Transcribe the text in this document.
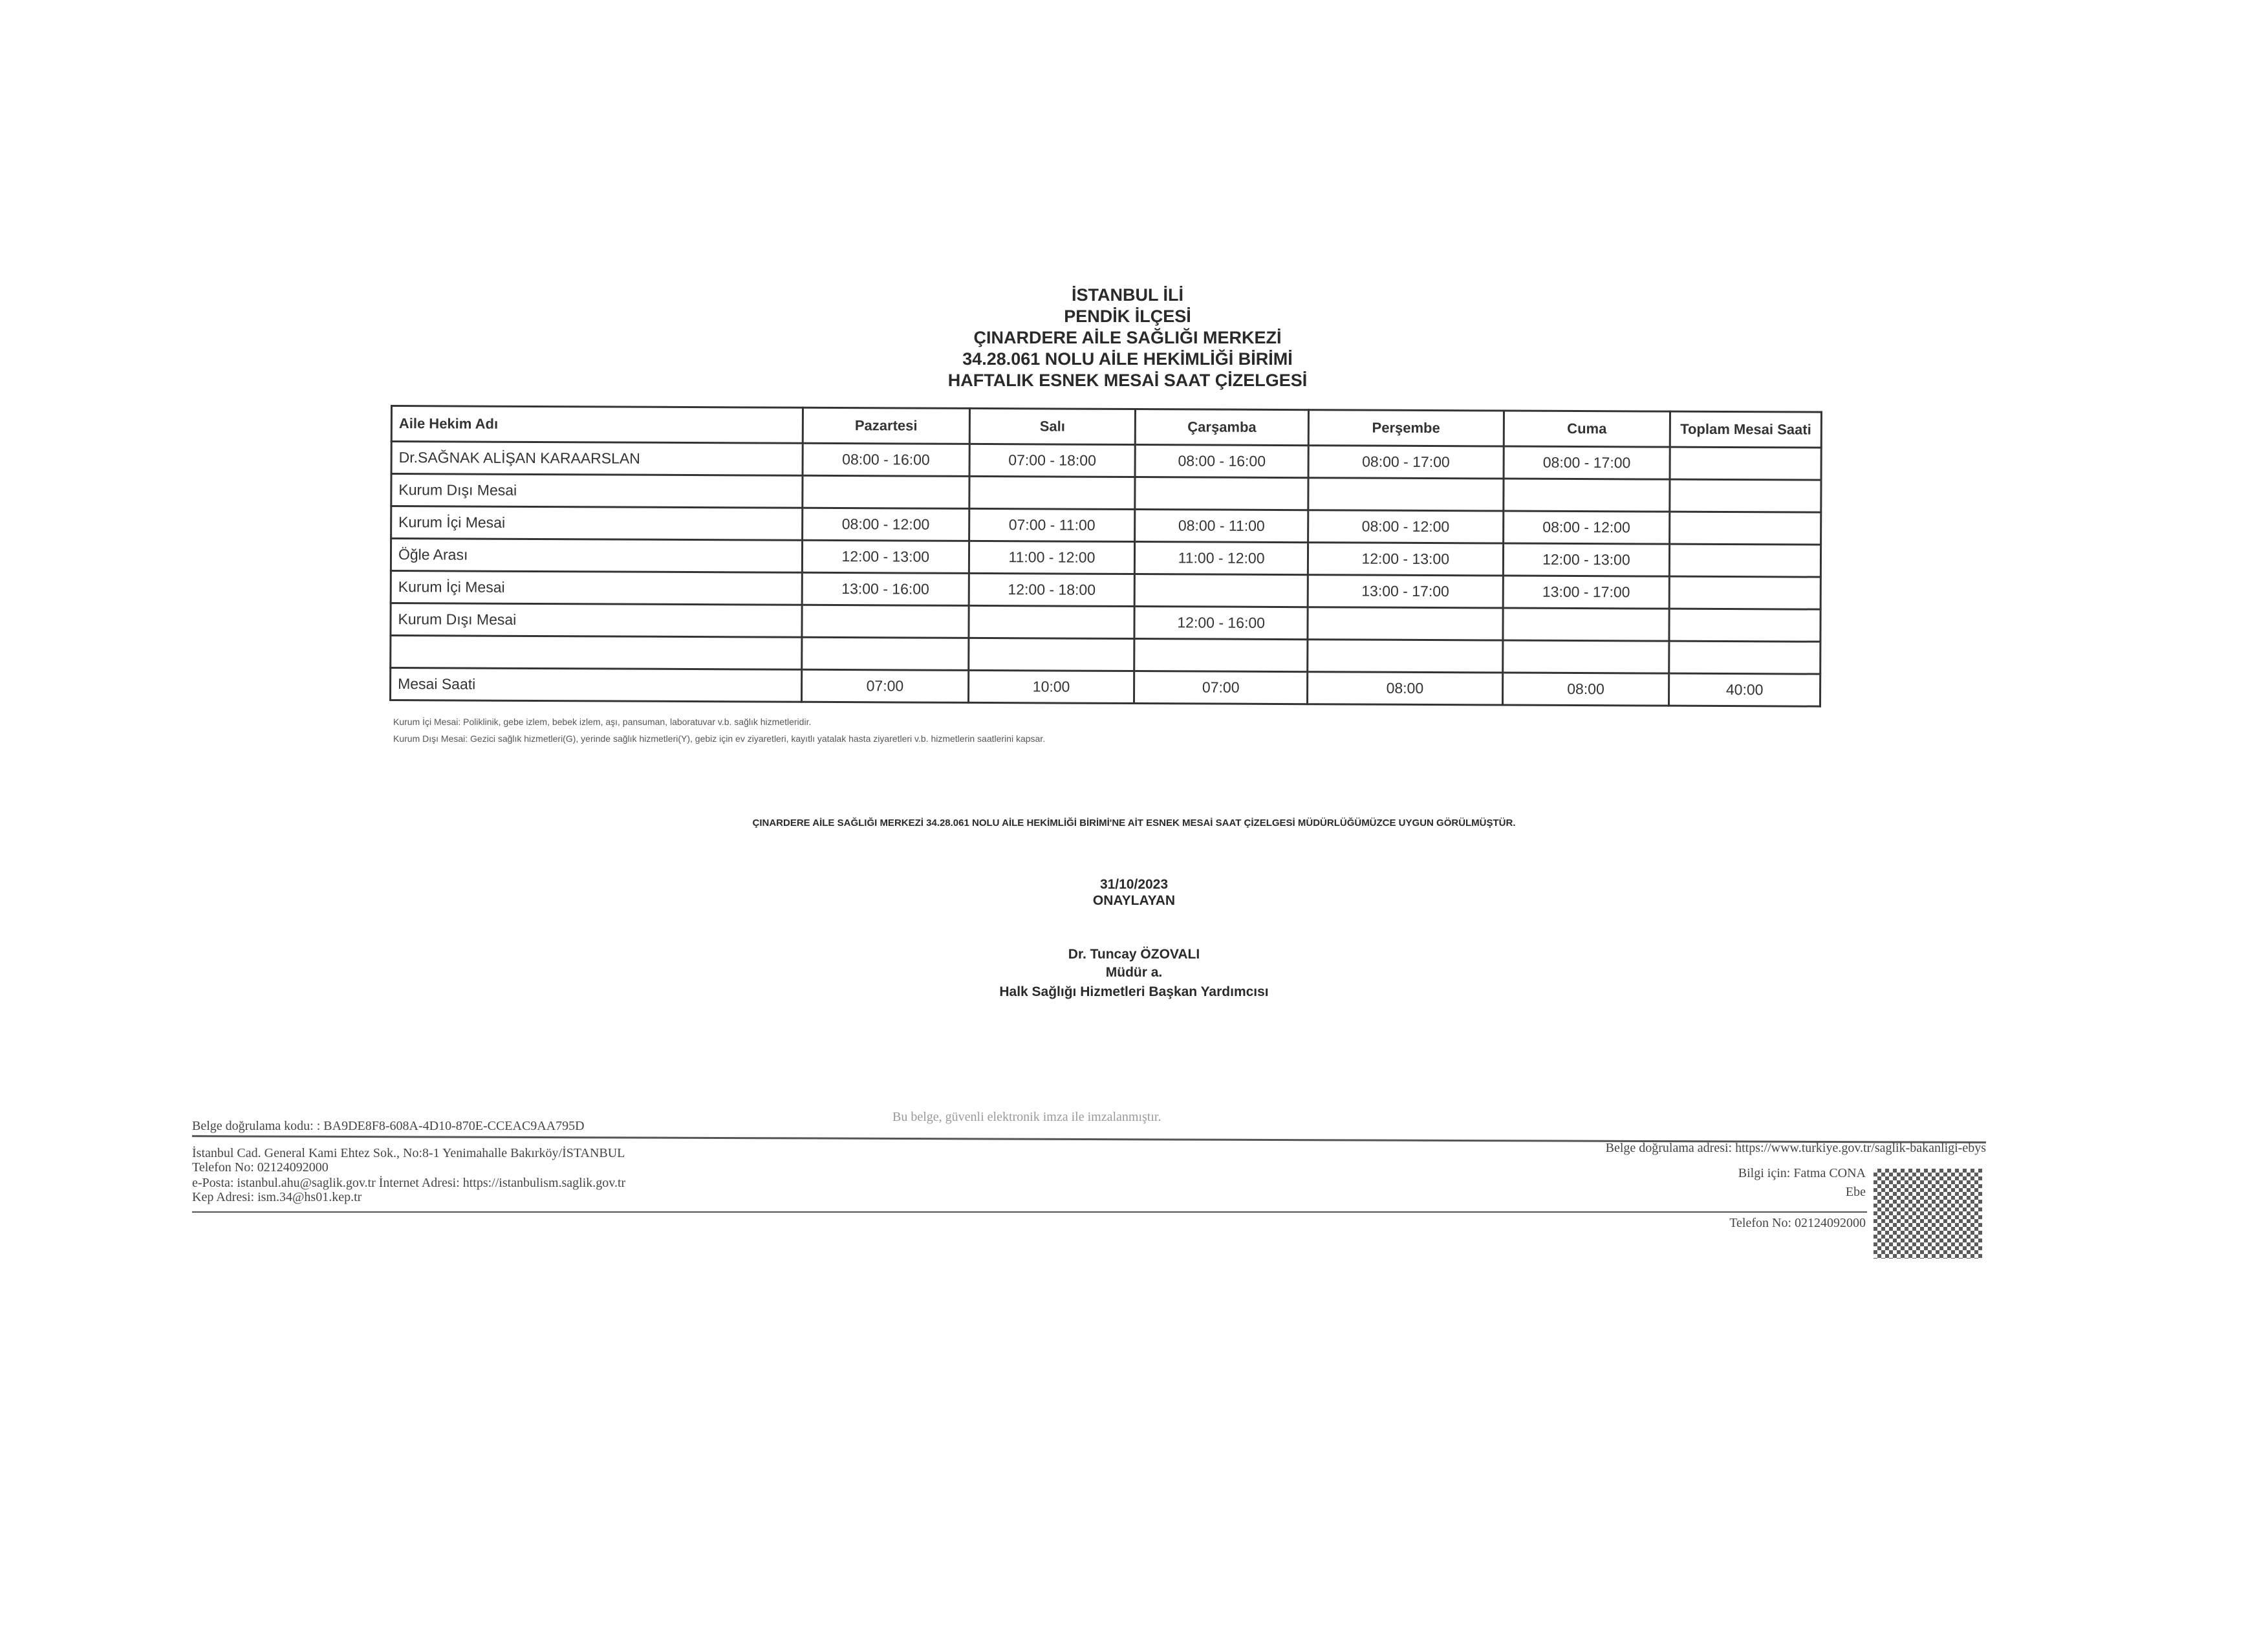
İSTANBUL İLİ
PENDİK İLÇESİ
ÇINARDERE AİLE SAĞLIĞI MERKEZİ
34.28.061 NOLU AİLE HEKİMLİĞİ BİRİMİ
HAFTALIK ESNEK MESAİ SAAT ÇİZELGESİ
Aile Hekim Adı	Pazartesi	Salı	Çarşamba	Perşembe	Cuma	Toplam Mesai Saati
Dr.SAĞNAK ALİŞAN KARAARSLAN	08:00 - 16:00	07:00 - 18:00	08:00 - 16:00	08:00 - 17:00	08:00 - 17:00	
Kurum Dışı Mesai						
Kurum İçi Mesai	08:00 - 12:00	07:00 - 11:00	08:00 - 11:00	08:00 - 12:00	08:00 - 12:00	
Öğle Arası	12:00 - 13:00	11:00 - 12:00	11:00 - 12:00	12:00 - 13:00	12:00 - 13:00	
Kurum İçi Mesai	13:00 - 16:00	12:00 - 18:00		13:00 - 17:00	13:00 - 17:00	
Kurum Dışı Mesai			12:00 - 16:00			

Mesai Saati	07:00	10:00	07:00	08:00	08:00	40:00
Kurum İçi Mesai: Poliklinik, gebe izlem, bebek izlem, aşı, pansuman, laboratuvar v.b. sağlık hizmetleridir.
Kurum Dışı Mesai: Gezici sağlık hizmetleri(G), yerinde sağlık hizmetleri(Y), gebiz için ev ziyaretleri, kayıtlı yatalak hasta ziyaretleri v.b. hizmetlerin saatlerini kapsar.
ÇINARDERE AİLE SAĞLIĞI MERKEZİ 34.28.061 NOLU AİLE HEKİMLİĞİ BİRİMİ'NE AİT ESNEK MESAİ SAAT ÇİZELGESİ MÜDÜRLÜĞÜMÜZCE UYGUN GÖRÜLMÜŞTÜR.
31/10/2023
ONAYLAYAN
Dr. Tuncay ÖZOVALI
Müdür a.
Halk Sağlığı Hizmetleri Başkan Yardımcısı
Belge doğrulama kodu: : BA9DE8F8-608A-4D10-870E-CCEAC9AA795D
Bu belge, güvenli elektronik imza ile imzalanmıştır.
Belge doğrulama adresi: https://www.turkiye.gov.tr/saglik-bakanligi-ebys
İstanbul Cad. General Kami Ehtez Sok., No:8-1 Yenimahalle Bakırköy/İSTANBUL
Telefon No: 02124092000
e-Posta: istanbul.ahu@saglik.gov.tr İnternet Adresi: https://istanbulism.saglik.gov.tr
Kep Adresi: ism.34@hs01.kep.tr
Bilgi için: Fatma CONA
Ebe
Telefon No: 02124092000
